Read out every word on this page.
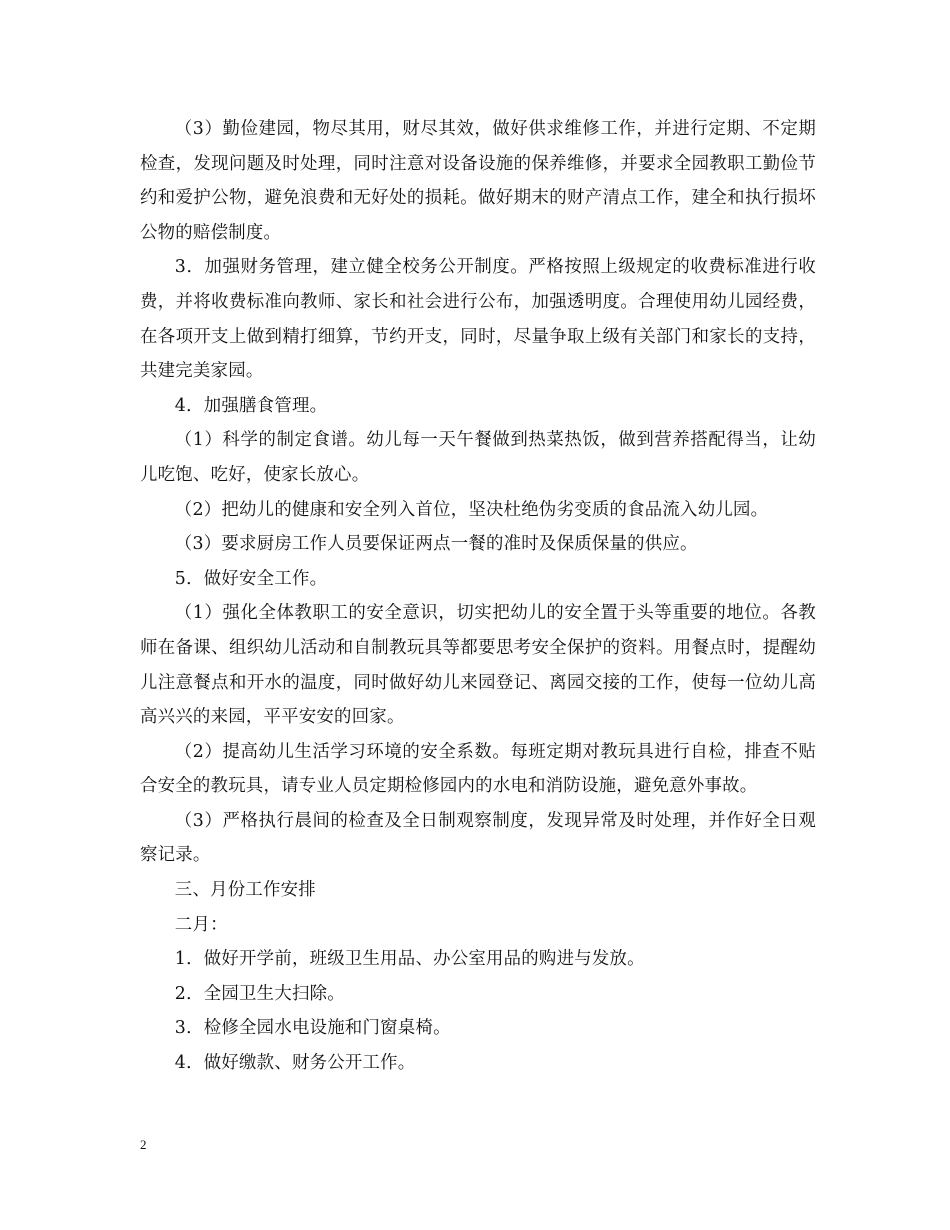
（3）勤俭建园，物尽其用，财尽其效，做好供求维修工作，并进行定期、不定期检查，发现问题及时处理，同时注意对设备设施的保养维修，并要求全园教职工勤俭节约和爱护公物，避免浪费和无好处的损耗。做好期末的财产清点工作，建全和执行损坏公物的赔偿制度。

3．加强财务管理，建立健全校务公开制度。严格按照上级规定的收费标准进行收费，并将收费标准向教师、家长和社会进行公布，加强透明度。合理使用幼儿园经费，在各项开支上做到精打细算，节约开支，同时，尽量争取上级有关部门和家长的支持，共建完美家园。

4．加强膳食管理。

（1）科学的制定食谱。幼儿每一天午餐做到热菜热饭，做到营养搭配得当，让幼儿吃饱、吃好，使家长放心。

（2）把幼儿的健康和安全列入首位，坚决杜绝伪劣变质的食品流入幼儿园。

（3）要求厨房工作人员要保证两点一餐的准时及保质保量的供应。

5．做好安全工作。

（1）强化全体教职工的安全意识，切实把幼儿的安全置于头等重要的地位。各教师在备课、组织幼儿活动和自制教玩具等都要思考安全保护的资料。用餐点时，提醒幼儿注意餐点和开水的温度，同时做好幼儿来园登记、离园交接的工作，使每一位幼儿高高兴兴的来园，平平安安的回家。

（2）提高幼儿生活学习环境的安全系数。每班定期对教玩具进行自检，排查不贴合安全的教玩具，请专业人员定期检修园内的水电和消防设施，避免意外事故。

（3）严格执行晨间的检查及全日制观察制度，发现异常及时处理，并作好全日观察记录。

三、月份工作安排

二月：

1．做好开学前，班级卫生用品、办公室用品的购进与发放。

2．全园卫生大扫除。

3．检修全园水电设施和门窗桌椅。

4．做好缴款、财务公开工作。

2
